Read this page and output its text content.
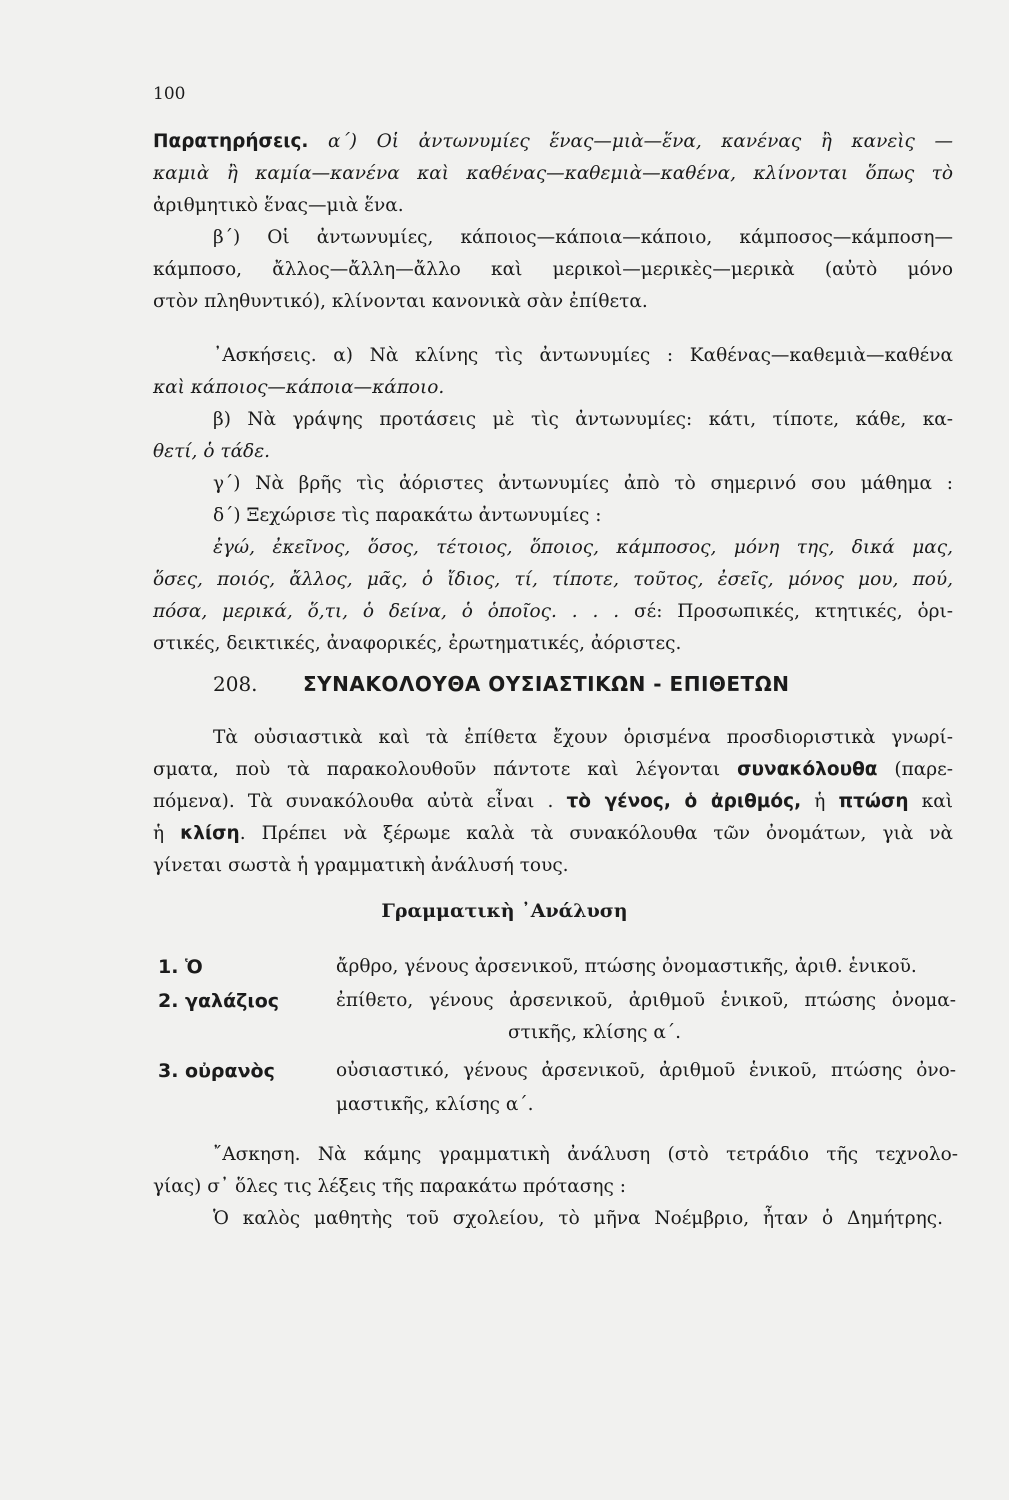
100
Παρατηρήσεις. α΄) Οἱ ἀντωνυμίες ἕνας—μιὰ—ἕνα, κανένας ἢ κανεὶς —
καμιὰ ἢ καμία—κανένα καὶ καθένας—καθεμιὰ—καθένα, κλίνονται ὅπως τὸ
ἀριθμητικὸ ἕνας—μιὰ ἕνα.
β΄) Οἱ ἀντωνυμίες, κάποιος—κάποια—κάποιο, κάμποσος—κάμποση—
κάμποσο, ἄλλος—ἄλλη—ἄλλο καὶ μερικοὶ—μερικὲς—μερικὰ (αὐτὸ μόνο
στὸν πληθυντικό), κλίνονται κανονικὰ σὰν ἐπίθετα.
᾿Ασκήσεις. α) Νὰ κλίνης τὶς ἀντωνυμίες : Καθένας—καθεμιὰ—καθένα
καὶ κάποιος—κάποια—κάποιο.
β) Νὰ γράψης προτάσεις μὲ τὶς ἀντωνυμίες: κάτι, τίποτε, κάθε, κα-
θετί, ὁ τάδε.
γ΄) Νὰ βρῆς τὶς ἀόριστες ἀντωνυμίες ἀπὸ τὸ σημερινό σου μάθημα :
δ΄) Ξεχώρισε τὶς παρακάτω ἀντωνυμίες :
ἐγώ, ἐκεῖνος, ὅσος, τέτοιος, ὅποιος, κάμποσος, μόνη της, δικά μας,
ὅσες, ποιός, ἄλλος, μᾶς, ὁ ἴδιος, τί, τίποτε, τοῦτος, ἐσεῖς, μόνος μου, πού,
πόσα, μερικά, ὅ,τι, ὁ δείνα, ὁ ὁποῖος. . . . σέ: Προσωπικές, κτητικές, ὁρι-
στικές, δεικτικές, ἀναφορικές, ἐρωτηματικές, ἀόριστες.
208. ΣΥΝΑΚΟΛΟΥΘΑ ΟΥΣΙΑΣΤΙΚΩΝ - ΕΠΙΘΕΤΩΝ
Τὰ οὐσιαστικὰ καὶ τὰ ἐπίθετα ἔχουν ὁρισμένα προσδιοριστικὰ γνωρί-
σματα, ποὺ τὰ παρακολουθοῦν πάντοτε καὶ λέγονται συνακόλουθα (παρε-
πόμενα). Τὰ συνακόλουθα αὐτὰ εἶναι . τὸ γένος, ὁ ἀριθμός, ἡ πτώση καὶ
ἡ κλίση. Πρέπει νὰ ξέρωμε καλὰ τὰ συνακόλουθα τῶν ὀνομάτων, γιὰ νὰ
γίνεται σωστὰ ἡ γραμματικὴ ἀνάλυσή τους.
Γραμματικὴ ᾿Ανάλυση
1. Ὁ	ἄρθρο, γένους ἀρσενικοῦ, πτώσης ὀνομαστικῆς, ἀριθ. ἑνικοῦ.
2. γαλάζιος	ἐπίθετο, γένους ἀρσενικοῦ, ἀριθμοῦ ἑνικοῦ, πτώσης ὀνομα-
στικῆς, κλίσης α΄.
3. οὐρανὸς	οὐσιαστικό, γένους ἀρσενικοῦ, ἀριθμοῦ ἑνικοῦ, πτώσης ὀνο-
μαστικῆς, κλίσης α΄.
῎Ασκηση. Νὰ κάμης γραμματικὴ ἀνάλυση (στὸ τετράδιο τῆς τεχνολο-
γίας) σ᾿ ὅλες τις λέξεις τῆς παρακάτω πρότασης :
Ὁ καλὸς μαθητὴς τοῦ σχολείου, τὸ μῆνα Νοέμβριο, ἦταν ὁ Δημήτρης.
